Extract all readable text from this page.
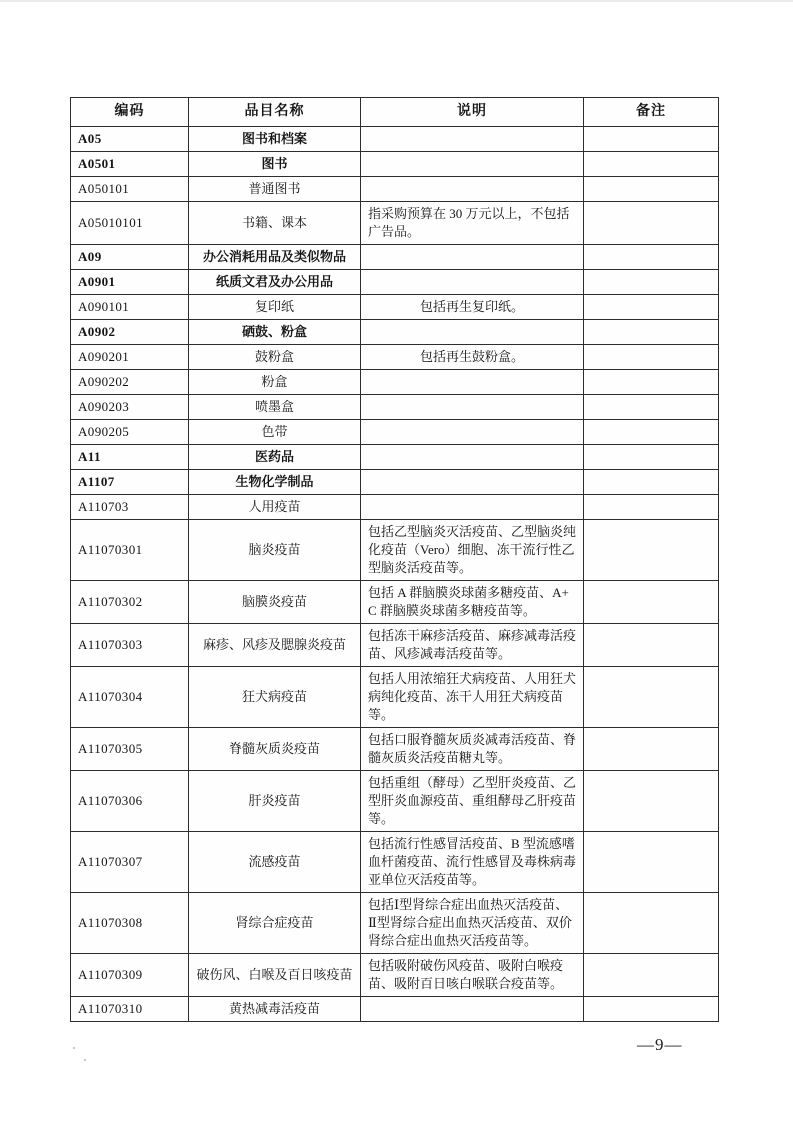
编码	品目名称	说明	备注
A05	图书和档案		
A0501	图书		
A050101	普通图书		
A05010101	书籍、课本	指采购预算在 30 万元以上，不包括广告品。	
A09	办公消耗用品及类似物品		
A0901	纸质文君及办公用品		
A090101	复印纸	包括再生复印纸。	
A0902	硒鼓、粉盒		
A090201	鼓粉盒	包括再生鼓粉盒。	
A090202	粉盒		
A090203	喷墨盒		
A090205	色带		
A11	医药品		
A1107	生物化学制品		
A110703	人用疫苗		
A11070301	脑炎疫苗	包括乙型脑炎灭活疫苗、乙型脑炎纯化疫苗（Vero）细胞、冻干流行性乙型脑炎活疫苗等。	
A11070302	脑膜炎疫苗	包括 A 群脑膜炎球菌多糖疫苗、A+C 群脑膜炎球菌多糖疫苗等。	
A11070303	麻疹、风疹及腮腺炎疫苗	包括冻干麻疹活疫苗、麻疹减毒活疫苗、风疹减毒活疫苗等。	
A11070304	狂犬病疫苗	包括人用浓缩狂犬病疫苗、人用狂犬病纯化疫苗、冻干人用狂犬病疫苗等。	
A11070305	脊髓灰质炎疫苗	包括口服脊髓灰质炎减毒活疫苗、脊髓灰质炎活疫苗糖丸等。	
A11070306	肝炎疫苗	包括重组（酵母）乙型肝炎疫苗、乙型肝炎血源疫苗、重组酵母乙肝疫苗等。	
A11070307	流感疫苗	包括流行性感冒活疫苗、B 型流感嗜血杆菌疫苗、流行性感冒及毒株病毒亚单位灭活疫苗等。	
A11070308	肾综合症疫苗	包括Ⅰ型肾综合症出血热灭活疫苗、Ⅱ型肾综合症出血热灭活疫苗、双价肾综合症出血热灭活疫苗等。	
A11070309	破伤风、白喉及百日咳疫苗	包括吸附破伤风疫苗、吸附白喉疫苗、吸附百日咳白喉联合疫苗等。	
A11070310	黄热减毒活疫苗		
—9—
